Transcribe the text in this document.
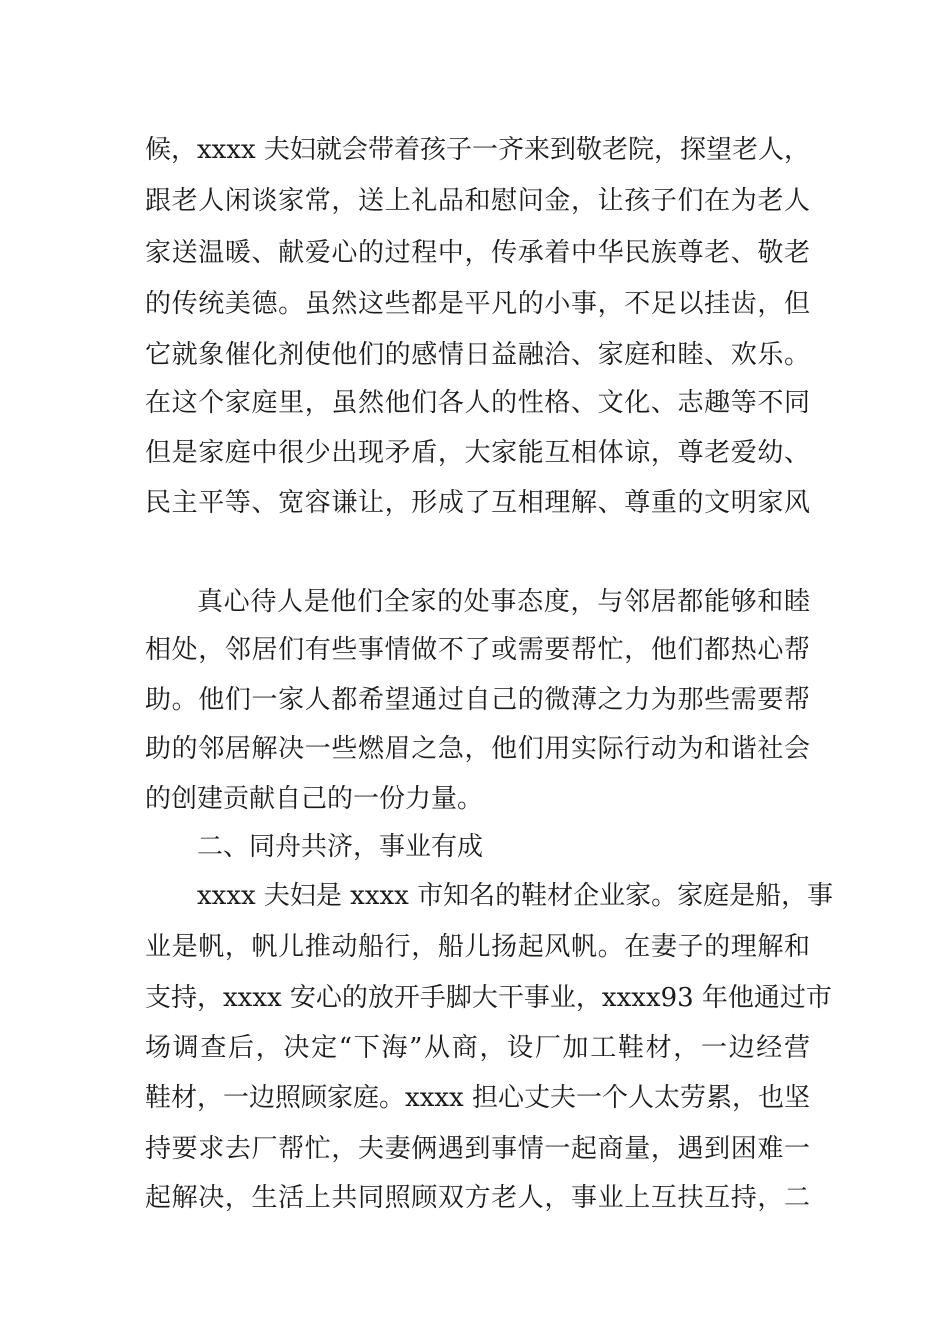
候，xxxx 夫妇就会带着孩子一齐来到敬老院，探望老人，
跟老人闲谈家常，送上礼品和慰问金，让孩子们在为老人
家送温暖、献爱心的过程中，传承着中华民族尊老、敬老
的传统美德。虽然这些都是平凡的小事，不足以挂齿，但
它就象催化剂使他们的感情日益融洽、家庭和睦、欢乐。
在这个家庭里，虽然他们各人的性格、文化、志趣等不同
但是家庭中很少出现矛盾，大家能互相体谅，尊老爱幼、
民主平等、宽容谦让，形成了互相理解、尊重的文明家风
真心待人是他们全家的处事态度，与邻居都能够和睦
相处，邻居们有些事情做不了或需要帮忙，他们都热心帮
助。他们一家人都希望通过自己的微薄之力为那些需要帮
助的邻居解决一些燃眉之急，他们用实际行动为和谐社会
的创建贡献自己的一份力量。
二、同舟共济，事业有成
xxxx 夫妇是 xxxx 市知名的鞋材企业家。家庭是船，事
业是帆，帆儿推动船行，船儿扬起风帆。在妻子的理解和
支持，xxxx 安心的放开手脚大干事业，xxxx93 年他通过市
场调查后，决定“下海”从商，设厂加工鞋材，一边经营
鞋材，一边照顾家庭。xxxx 担心丈夫一个人太劳累，也坚
持要求去厂帮忙，夫妻俩遇到事情一起商量，遇到困难一
起解决，生活上共同照顾双方老人，事业上互扶互持，二
